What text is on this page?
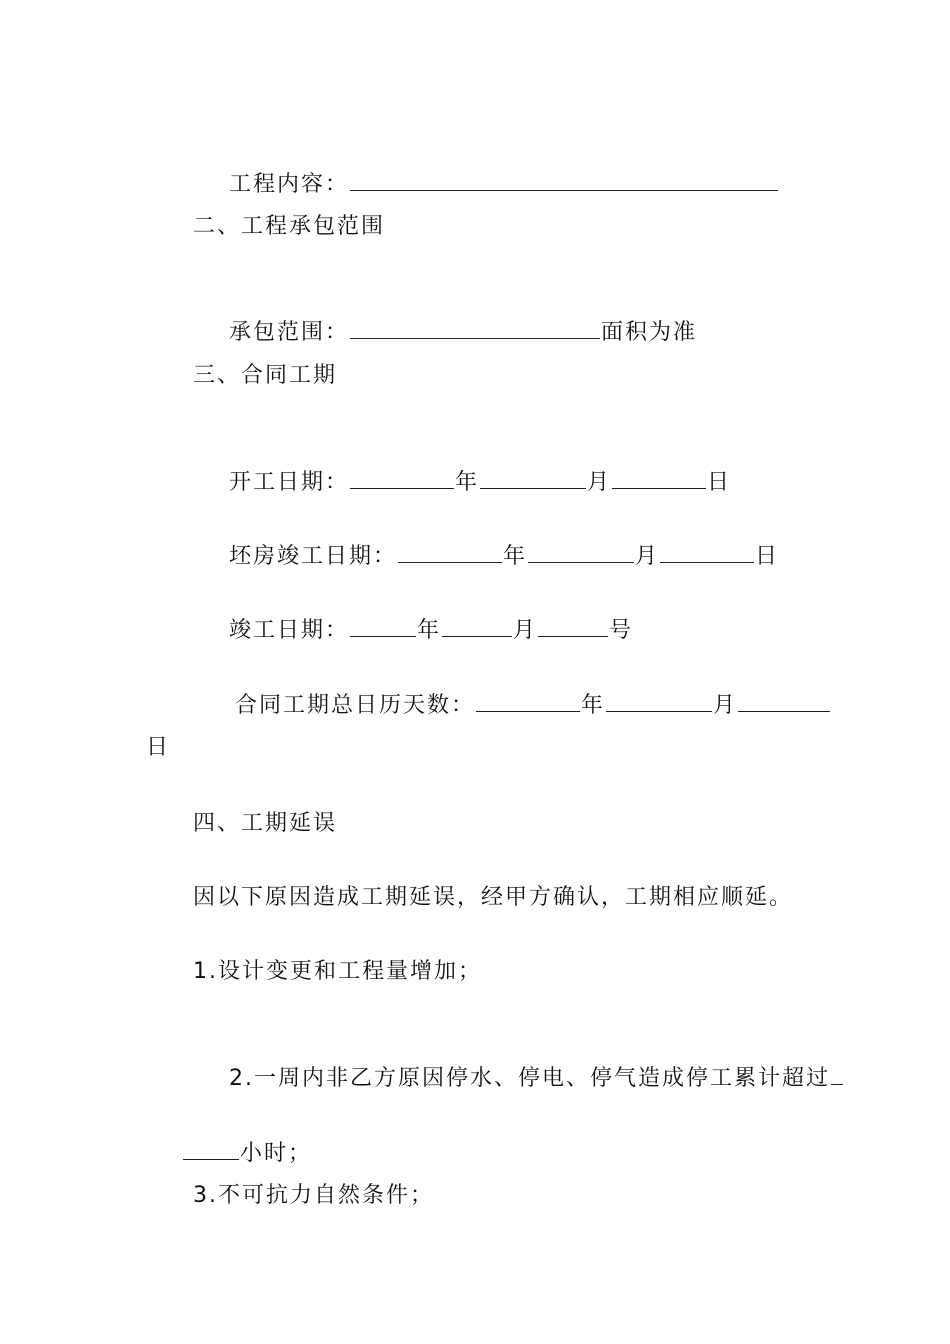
工程内容：

二、工程承包范围

承包范围：	面积为准

三、合同工期

开工日期：	年	月	日

坯房竣工日期：	年	月	日

竣工日期：	年	月	号

合同工期总日历天数：	年	月

日
四、工期延误
因以下原因造成工期延误，经甲方确认，工期相应顺延。
1.设计变更和工程量增加；

2.一周内非乙方原因停水、停电、停气造成停工累计超过

小时；

3.不可抗力自然条件；
